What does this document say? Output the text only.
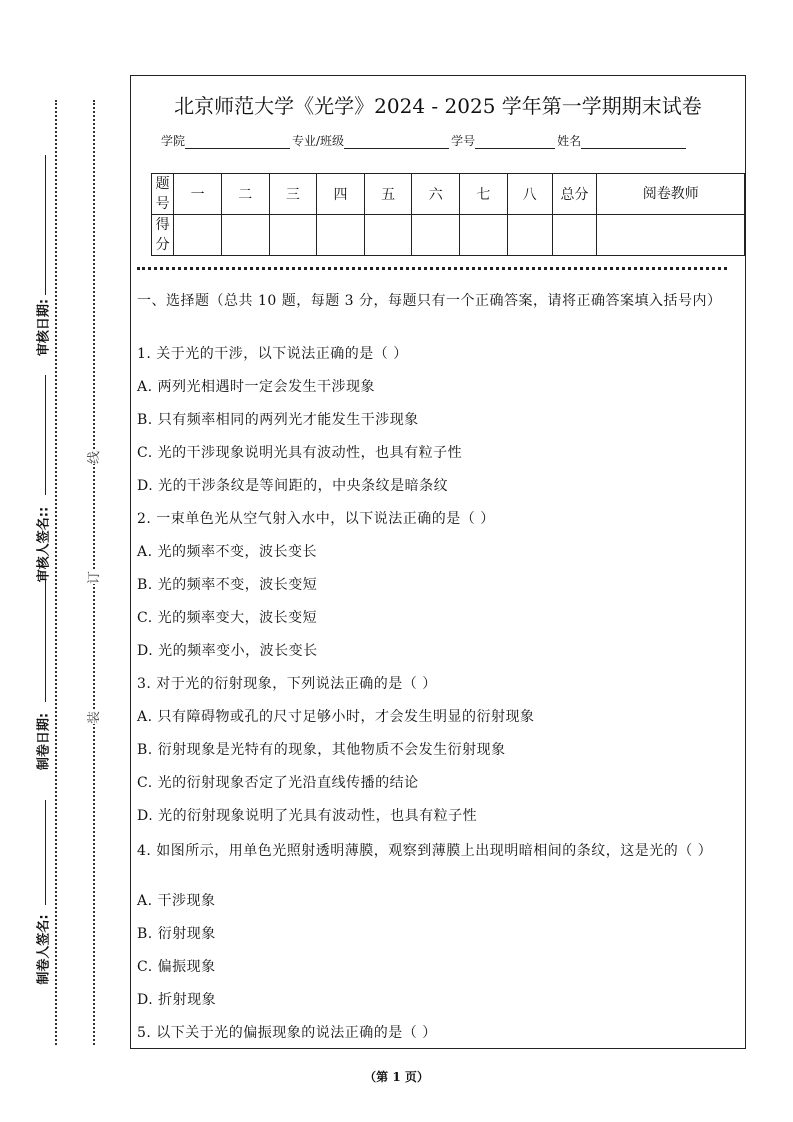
审核日期:
审核人签名::
制卷日期:
制卷人签名:
线
订
装
北京师范大学《光学》2024 - 2025 学年第一学期期末试卷
学院	专业/班级	学号	姓名
题号	一	二	三	四	五	六	七	八	总分	阅卷教师
得分										
一、选择题（总共 10 题，每题 3 分，每题只有一个正确答案，请将正确答案填入括号内）
1. 关于光的干涉，以下说法正确的是（ ）
A. 两列光相遇时一定会发生干涉现象
B. 只有频率相同的两列光才能发生干涉现象
C. 光的干涉现象说明光具有波动性，也具有粒子性
D. 光的干涉条纹是等间距的，中央条纹是暗条纹
2. 一束单色光从空气射入水中，以下说法正确的是（ ）
A. 光的频率不变，波长变长
B. 光的频率不变，波长变短
C. 光的频率变大，波长变短
D. 光的频率变小，波长变长
3. 对于光的衍射现象，下列说法正确的是（ ）
A. 只有障碍物或孔的尺寸足够小时，才会发生明显的衍射现象
B. 衍射现象是光特有的现象，其他物质不会发生衍射现象
C. 光的衍射现象否定了光沿直线传播的结论
D. 光的衍射现象说明了光具有波动性，也具有粒子性
4. 如图所示，用单色光照射透明薄膜，观察到薄膜上出现明暗相间的条纹，这是光的（ ）
A. 干涉现象
B. 衍射现象
C. 偏振现象
D. 折射现象
5. 以下关于光的偏振现象的说法正确的是（ ）
（第 1 页）
